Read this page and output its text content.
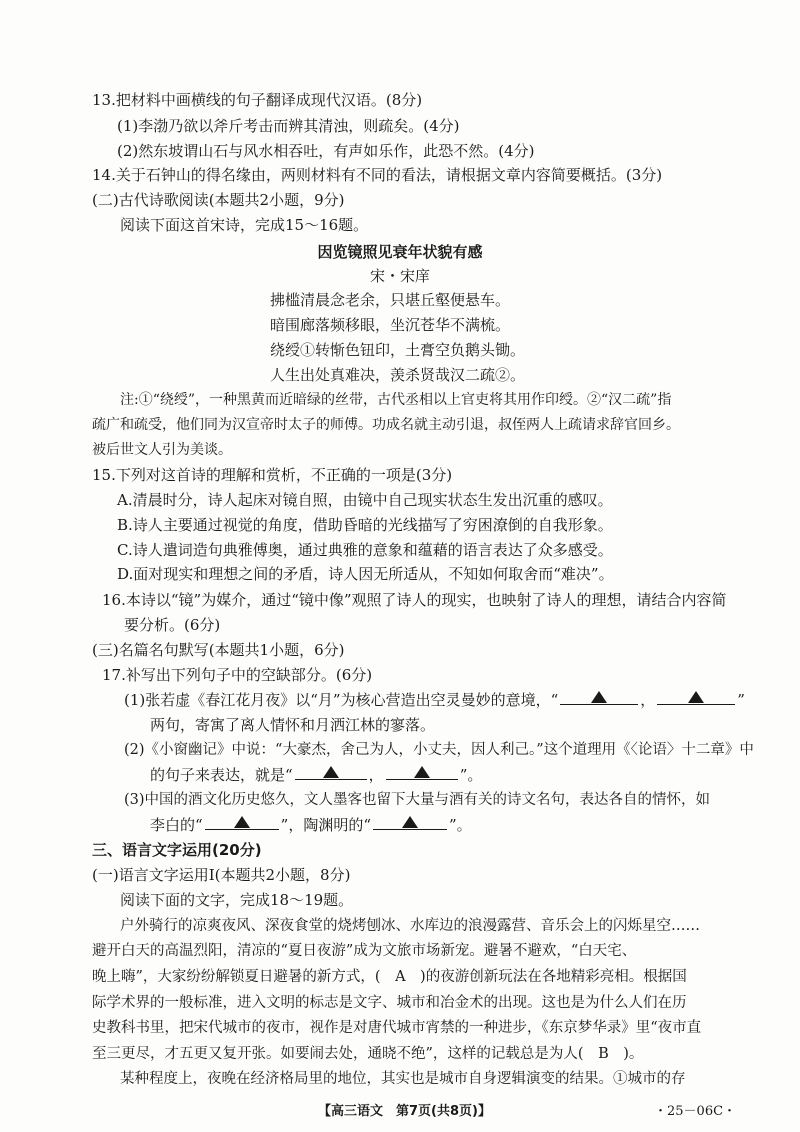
13.把材料中画横线的句子翻译成现代汉语。(8分)
(1)李渤乃欲以斧斤考击而辨其清浊，则疏矣。(4分)
(2)然东坡谓山石与风水相吞吐，有声如乐作，此恐不然。(4分)
14.关于石钟山的得名缘由，两则材料有不同的看法，请根据文章内容简要概括。(3分)
(二)古代诗歌阅读(本题共2小题，9分)
阅读下面这首宋诗，完成15～16题。
因览镜照见衰年状貌有感
宋・宋庠
拂槛清晨念老余，只堪丘壑便悬车。
暗围廊落频移眼，坐沉苍华不满梳。
绕绶①转惭色钮印，土膏空负鹅头锄。
人生出处真难决，羡杀贤哉汉二疏②。
注:①“绕绶”，一种黑黄而近暗绿的丝带，古代丞相以上官吏将其用作印绶。②“汉二疏”指
疏广和疏受，他们同为汉宣帝时太子的师傅。功成名就主动引退，叔侄两人上疏请求辞官回乡。
被后世文人引为美谈。
15.下列对这首诗的理解和赏析，不正确的一项是(3分)
A.清晨时分，诗人起床对镜自照，由镜中自己现实状态生发出沉重的感叹。
B.诗人主要通过视觉的角度，借助昏暗的光线描写了穷困潦倒的自我形象。
C.诗人遣词造句典雅傅奥，通过典雅的意象和蕴藉的语言表达了众多感受。
D.面对现实和理想之间的矛盾，诗人因无所适从，不知如何取舍而“难决”。
16.本诗以“镜”为媒介，通过“镜中像”观照了诗人的现实，也映射了诗人的理想，请结合内容简
要分析。(6分)
(三)名篇名句默写(本题共1小题，6分)
17.补写出下列句子中的空缺部分。(6分)
(1)张若虚《春江花月夜》以“月”为核心营造出空灵曼妙的意境，“	，	”
两句，寄寓了离人情怀和月洒江林的寥落。
(2)《小窗幽记》中说：“大豪杰，舍己为人，小丈夫，因人利己。”这个道理用《〈论语〉十二章》中
的句子来表达，就是“	，	”。
(3)中国的酒文化历史悠久，文人墨客也留下大量与酒有关的诗文名句，表达各自的情怀，如
李白的“	”，陶渊明的“	”。
三、语言文字运用(20分)
(一)语言文字运用Ⅰ(本题共2小题，8分)
阅读下面的文字，完成18～19题。
户外骑行的凉爽夜风、深夜食堂的烧烤刨冰、水库边的浪漫露营、音乐会上的闪烁星空……
避开白天的高温烈阳，清凉的“夏日夜游”成为文旅市场新宠。避暑不避欢，“白天宅、
晚上嗨”，大家纷纷解锁夏日避暑的新方式，(　A　)的夜游创新玩法在各地精彩亮相。根据国
际学术界的一般标准，进入文明的标志是文字、城市和冶金术的出现。这也是为什么人们在历
史教科书里，把宋代城市的夜市，视作是对唐代城市宵禁的一种进步，《东京梦华录》里“夜市直
至三更尽，才五更又复开张。如要闹去处，通晓不绝”，这样的记载总是为人(　B　)。
某种程度上，夜晚在经济格局里的地位，其实也是城市自身逻辑演变的结果。①城市的存
【高三语文　第7页(共8页)】	・25－06C・
